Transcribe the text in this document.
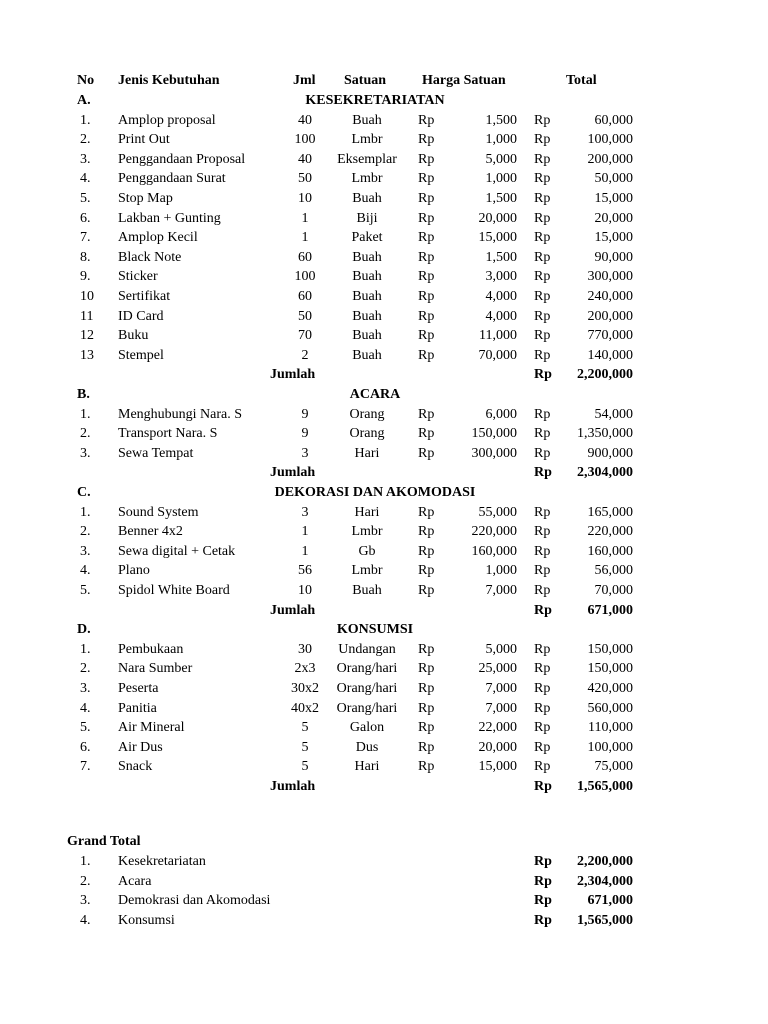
No Jenis Kebutuhan	Jml Satuan	Harga Satuan	Total
A.	KESEKRETARIATAN
1. Amplop proposal	40	Buah	Rp	1,500 Rp	60,000
2. Print Out	100	Lmbr	Rp	1,000 Rp	100,000
3. Penggandaan Proposal	40	Eksemplar	Rp	5,000 Rp	200,000
4. Penggandaan Surat	50	Lmbr	Rp	1,000 Rp	50,000
5. Stop Map	10	Buah	Rp	1,500 Rp	15,000
6. Lakban + Gunting	1	Biji	Rp	20,000 Rp	20,000
7. Amplop Kecil	1	Paket	Rp	15,000 Rp	15,000
8. Black Note	60	Buah	Rp	1,500 Rp	90,000
9. Sticker	100	Buah	Rp	3,000 Rp	300,000
10 Sertifikat	60	Buah	Rp	4,000 Rp	240,000
11 ID Card	50	Buah	Rp	4,000 Rp	200,000
12 Buku	70	Buah	Rp	11,000 Rp	770,000
13 Stempel	2	Buah	Rp	70,000 Rp	140,000
Jumlah	Rp	2,200,000
B.	ACARA
1. Menghubungi Nara. S	9	Orang	Rp	6,000 Rp	54,000
2. Transport Nara. S	9	Orang	Rp	150,000 Rp	1,350,000
3. Sewa Tempat	3	Hari	Rp	300,000 Rp	900,000
Jumlah	Rp	2,304,000
C.	DEKORASI DAN AKOMODASI
1. Sound System	3	Hari	Rp	55,000 Rp	165,000
2. Benner 4x2	1	Lmbr	Rp	220,000 Rp	220,000
3. Sewa digital + Cetak	1	Gb	Rp	160,000 Rp	160,000
4. Plano	56	Lmbr	Rp	1,000 Rp	56,000
5. Spidol White Board	10	Buah	Rp	7,000 Rp	70,000
Jumlah	Rp	671,000
D.	KONSUMSI
1. Pembukaan	30	Undangan	Rp	5,000 Rp	150,000
2. Nara Sumber	2x3	Orang/hari	Rp	25,000 Rp	150,000
3. Peserta	30x2	Orang/hari	Rp	7,000 Rp	420,000
4. Panitia	40x2	Orang/hari	Rp	7,000 Rp	560,000
5. Air Mineral	5	Galon	Rp	22,000 Rp	110,000
6. Air Dus	5	Dus	Rp	20,000 Rp	100,000
7. Snack	5	Hari	Rp	15,000 Rp	75,000
Jumlah	Rp	1,565,000
Grand Total
1. Kesekretariatan	Rp	2,200,000
2. Acara	Rp	2,304,000
3. Demokrasi dan Akomodasi	Rp	671,000
4. Konsumsi	Rp	1,565,000
